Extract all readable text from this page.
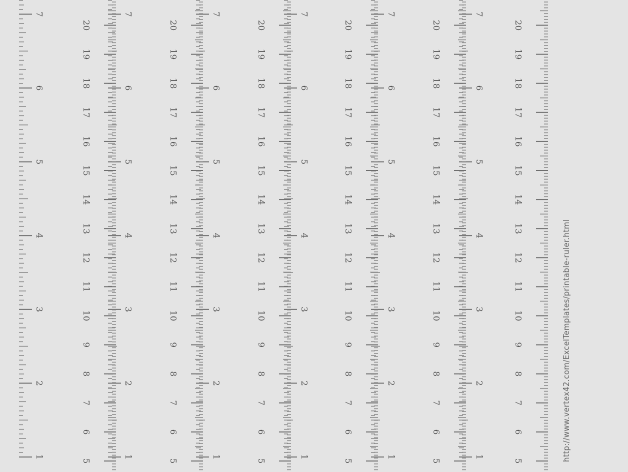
1
2
3
4
5
6
7
1
2
3
4
5
6
7
1
2
3
4
5
6
7
1
2
3
4
5
6
7
1
2
3
4
5
6
7
1
2
3
4
5
6
7
5
6
7
8
9
10
11
12
13
14
15
16
17
18
19
20
5
6
7
8
9
10
11
12
13
14
15
16
17
18
19
20
5
6
7
8
9
10
11
12
13
14
15
16
17
18
19
20
5
6
7
8
9
10
11
12
13
14
15
16
17
18
19
20
5
6
7
8
9
10
11
12
13
14
15
16
17
18
19
20
5
6
7
8
9
10
11
12
13
14
15
16
17
18
19
20
http://www.vertex42.com/ExcelTemplates/printable-ruler.html
